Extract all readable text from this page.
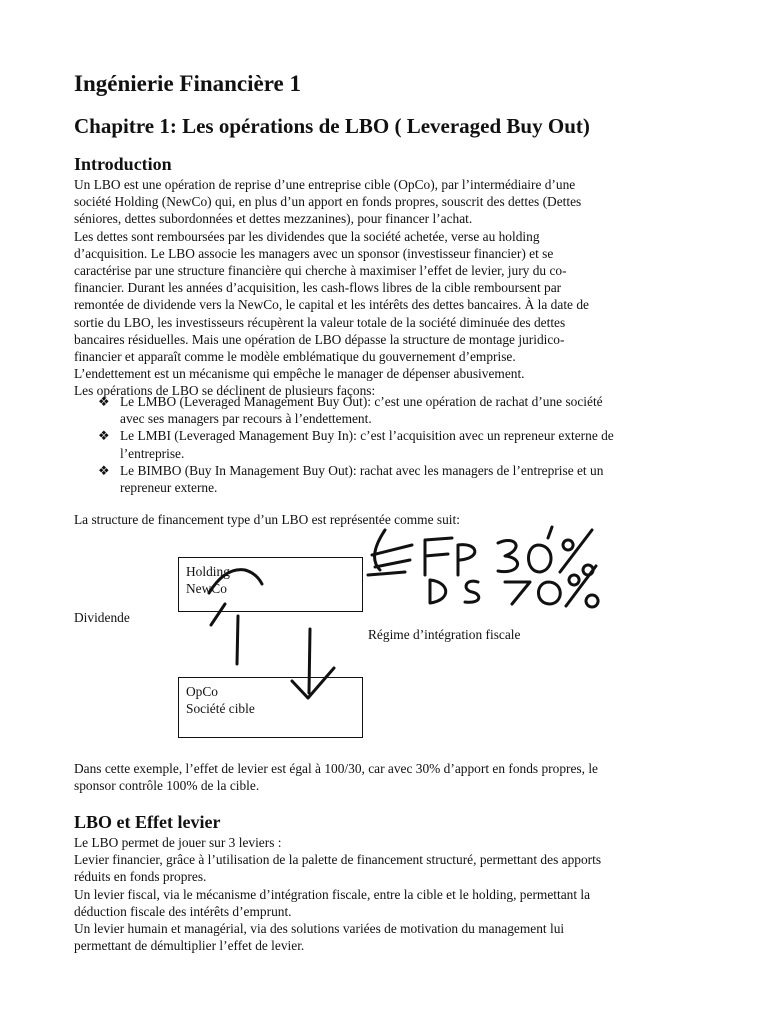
Ingénierie Financière 1
Chapitre 1: Les opérations de LBO ( Leveraged Buy Out)
Introduction
Un LBO est une opération de reprise d’une entreprise cible (OpCo), par l’intermédiaire d’une
société Holding (NewCo) qui, en plus d’un apport en fonds propres, souscrit des dettes (Dettes
séniores, dettes subordonnées et dettes mezzanines), pour financer l’achat.
Les dettes sont remboursées par les dividendes que la société achetée, verse au holding
d’acquisition. Le LBO associe les managers avec un sponsor (investisseur financier) et se
caractérise par une structure financière qui cherche à maximiser l’effet de levier, jury du co-
financier. Durant les années d’acquisition, les cash-flows libres de la cible remboursent par
remontée de dividende vers la NewCo, le capital et les intérêts des dettes bancaires. À la date de
sortie du LBO, les investisseurs récupèrent la valeur totale de la société diminuée des dettes
bancaires résiduelles. Mais une opération de LBO dépasse la structure de montage juridico-
financier et apparaît comme le modèle emblématique du gouvernement d’emprise.
L’endettement est un mécanisme qui empêche le manager de dépenser abusivement.
Les opérations de LBO se déclinent de plusieurs façons:
❖ Le LMBO (Leveraged Management Buy Out): c’est une opération de rachat d’une société
avec ses managers par recours à l’endettement.
❖ Le LMBI (Leveraged Management Buy In): c’est l’acquisition avec un repreneur externe de
l’entreprise.
❖ Le BIMBO (Buy In Management Buy Out): rachat avec les managers de l’entreprise et un
repreneur externe.
La structure de financement type d’un LBO est représentée comme suit:
Holding
NewCo
OpCo
Société cible
Dividende
Régime d’intégration fiscale
Dans cette exemple, l’effet de levier est égal à 100/30, car avec 30% d’apport en fonds propres, le
sponsor contrôle 100% de la cible.
LBO et Effet levier
Le LBO permet de jouer sur 3 leviers :
Levier financier, grâce à l’utilisation de la palette de financement structuré, permettant des apports
réduits en fonds propres.
Un levier fiscal, via le mécanisme d’intégration fiscale, entre la cible et le holding, permettant la
déduction fiscale des intérêts d’emprunt.
Un levier humain et managérial, via des solutions variées de motivation du management lui
permettant de démultiplier l’effet de levier.
